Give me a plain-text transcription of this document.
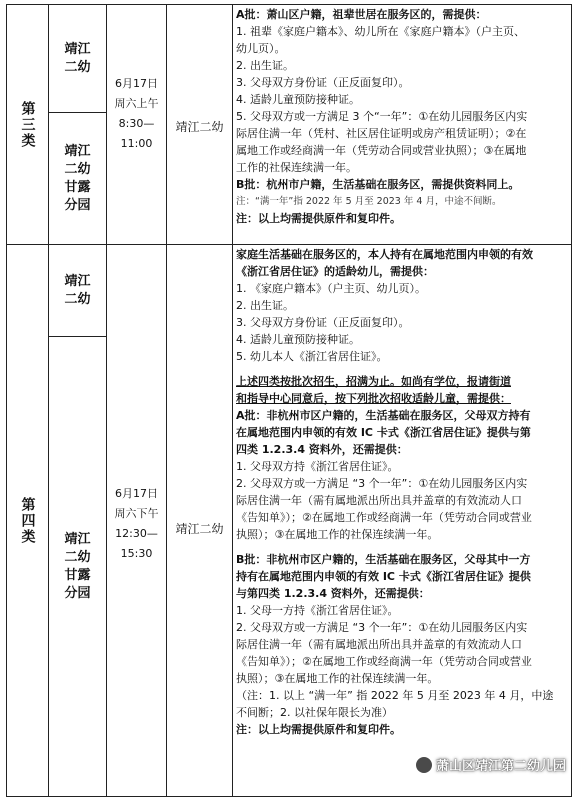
第三类
靖江二幼
靖江二幼甘露分园
6月17日
周六上午
8:30—
11:00
靖江二幼
A批：萧山区户籍，祖辈世居在服务区的，需提供：
1. 祖辈《家庭户籍本》、幼儿所在《家庭户籍本》（户主页、
幼儿页）。
2. 出生证。
3. 父母双方身份证（正反面复印）。
4. 适龄儿童预防接种证。
5. 父母双方或一方满足 3 个“一年”：①在幼儿园服务区内实
际居住满一年（凭村、社区居住证明或房产租赁证明）；②在
属地工作或经商满一年（凭劳动合同或营业执照）；③在属地
工作的社保连续满一年。
B批：杭州市户籍，生活基础在服务区，需提供资料同上。
注：“满一年”指 2022 年 5 月至 2023 年 4 月，中途不间断。
注：以上均需提供原件和复印件。
第四类
靖江二幼
靖江二幼甘露分园
6月17日
周六下午
12:30—
15:30
靖江二幼
家庭生活基础在服务区的，本人持有在属地范围内申领的有效
《浙江省居住证》的适龄幼儿，需提供：
1. 《家庭户籍本》（户主页、幼儿页）。
2. 出生证。
3. 父母双方身份证（正反面复印）。
4. 适龄儿童预防接种证。
5. 幼儿本人《浙江省居住证》。
上述四类按批次招生，招满为止。如尚有学位，报请街道
和指导中心同意后，按下列批次招收适龄儿童，需提供：
A批：非杭州市区户籍的，生活基础在服务区，父母双方持有
在属地范围内申领的有效 IC 卡式《浙江省居住证》提供与第
四类 1.2.3.4 资料外，还需提供：
1. 父母双方持《浙江省居住证》。
2. 父母双方或一方满足 “3 个一年”：①在幼儿园服务区内实
际居住满一年（需有属地派出所出具并盖章的有效流动人口
《告知单》）；②在属地工作或经商满一年（凭劳动合同或营业
执照）；③在属地工作的社保连续满一年。
B批：非杭州市区户籍的，生活基础在服务区，父母其中一方
持有在属地范围内申领的有效 IC 卡式《浙江省居住证》提供
与第四类 1.2.3.4 资料外，还需提供：
1. 父母一方持《浙江省居住证》。
2. 父母双方或一方满足 “3 个一年”：①在幼儿园服务区内实
际居住满一年（需有属地派出所出具并盖章的有效流动人口
《告知单》）；②在属地工作或经商满一年（凭劳动合同或营业
执照）；③在属地工作的社保连续满一年。
（注：1. 以上 “满一年” 指 2022 年 5 月至 2023 年 4 月，中途
不间断；2. 以社保年限长为准）
注：以上均需提供原件和复印件。
萧山区靖江第二幼儿园
